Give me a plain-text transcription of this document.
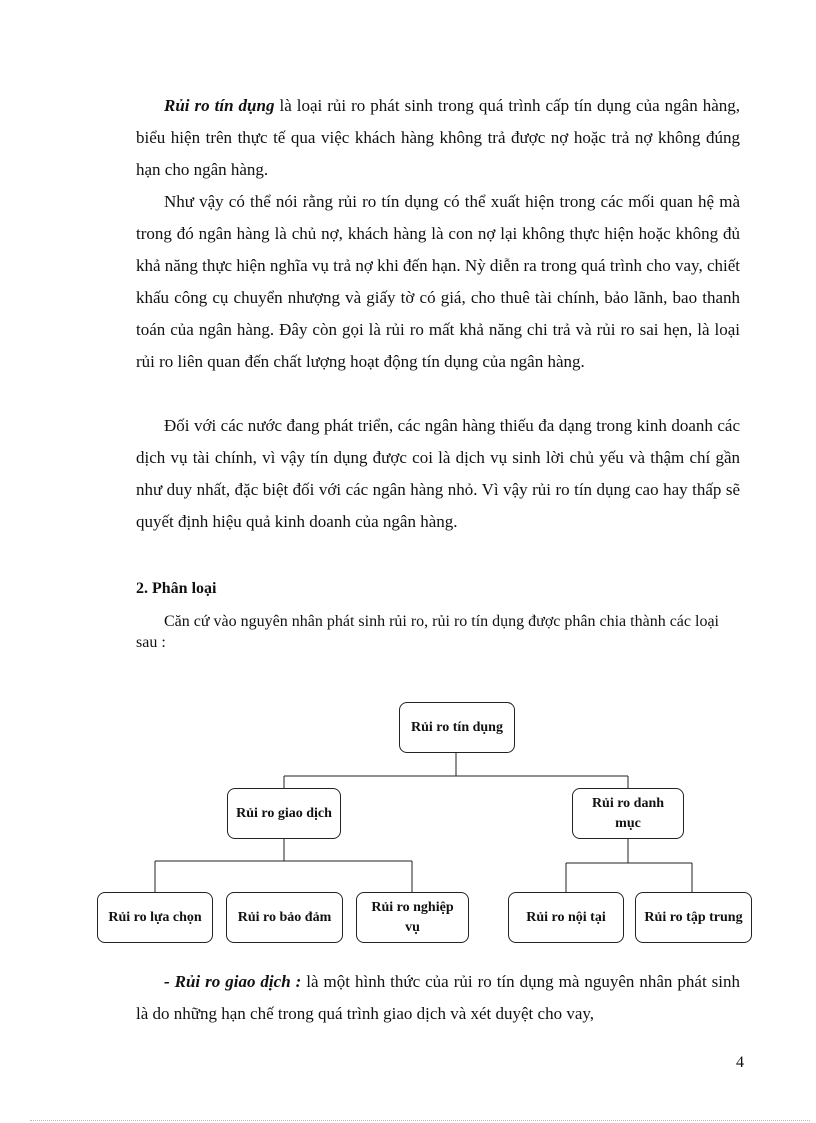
Rủi ro tín dụng là loại rủi ro phát sinh trong quá trình cấp tín dụng của ngân hàng, biểu hiện trên thực tế qua việc khách hàng không trả được nợ hoặc trả nợ không đúng hạn cho ngân hàng.

Như vậy có thể nói rằng rủi ro tín dụng có thể xuất hiện trong các mối quan hệ mà trong đó ngân hàng là chủ nợ, khách hàng là con nợ lại không thực hiện hoặc không đủ khả năng thực hiện nghĩa vụ trả nợ khi đến hạn. Nỳ diễn ra trong quá trình cho vay, chiết khấu công cụ chuyển nhượng và giấy tờ có giá, cho thuê tài chính, bảo lãnh, bao thanh toán của ngân hàng. Đây còn gọi là rủi ro mất khả năng chi trả và rủi ro sai hẹn, là loại rủi ro liên quan đến chất lượng hoạt động tín dụng của ngân hàng.

Đối với các nước đang phát triển, các ngân hàng thiếu đa dạng trong kinh doanh các dịch vụ tài chính, vì vậy tín dụng được coi là dịch vụ sinh lời chủ yếu và thậm chí gần như duy nhất, đặc biệt đối với các ngân hàng nhỏ. Vì vậy rủi ro tín dụng cao hay thấp sẽ quyết định hiệu quả kinh doanh của ngân hàng.

2. Phân loại

Căn cứ vào nguyên nhân phát sinh rủi ro, rủi ro tín dụng được phân chia thành các loại sau :

Rủi ro tín dụng
Rủi ro giao dịch
Rủi ro danh mục
Rủi ro lựa chọn	Rủi ro bảo đảm
Rủi ro nghiệp vụ
Rủi ro nội tại	Rủi ro tập trung

- Rủi ro giao dịch : là một hình thức của rủi ro tín dụng mà nguyên nhân phát sinh là do những hạn chế trong quá trình giao dịch và xét duyệt cho vay,

4
